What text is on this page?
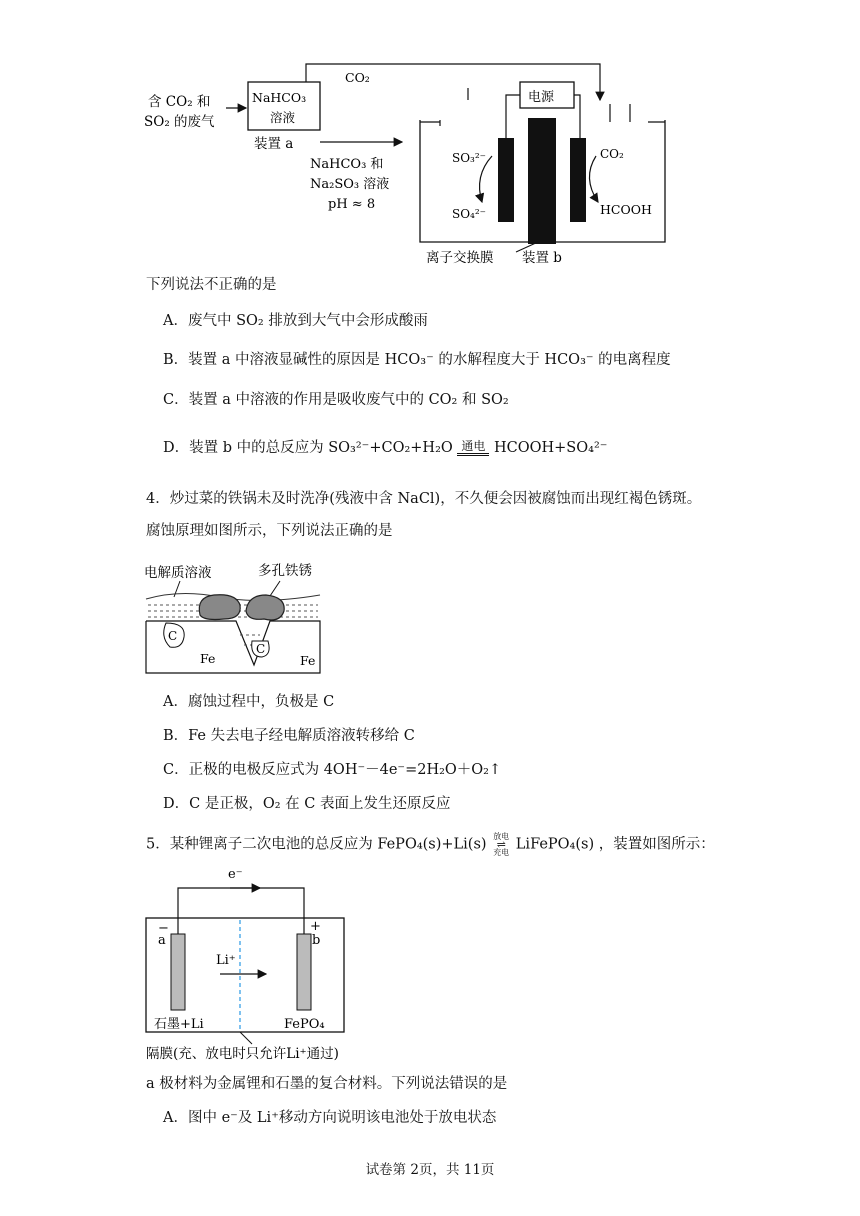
含 CO₂ 和
SO₂ 的废气
NaHCO₃
溶液
装置 a
CO₂
NaHCO₃ 和
Na₂SO₃ 溶液
pH ≈ 8
电源
SO₃²⁻
SO₄²⁻
CO₂
HCOOH
离子交换膜 装置 b
下列说法不正确的是
A．废气中 SO₂ 排放到大气中会形成酸雨
B．装置 a 中溶液显碱性的原因是 HCO₃⁻ 的水解程度大于 HCO₃⁻ 的电离程度
C．装置 a 中溶液的作用是吸收废气中的 CO₂ 和 SO₂
D．装置 b 中的总反应为 SO₃²⁻+CO₂+H₂O 通电 HCOOH+SO₄²⁻
4．炒过菜的铁锅未及时洗净(残液中含 NaCl)，不久便会因被腐蚀而出现红褐色锈斑。
腐蚀原理如图所示，下列说法正确的是
电解质溶液	多孔铁锈
C
C
Fe	Fe
A．腐蚀过程中，负极是 C
B．Fe 失去电子经电解质溶液转移给 C
C．正极的电极反应式为 4OH⁻－4e⁻=2H₂O＋O₂↑
D．C 是正极，O₂ 在 C 表面上发生还原反应
5．某种锂离子二次电池的总反应为 FePO₄(s)+Li(s) 放电
⇌
充电 LiFePO₄(s) ，装置如图所示：
e⁻
−
a
+
b
Li⁺
石墨+Li	FePO₄
隔膜(充、放电时只允许Li⁺通过)
a 极材料为金属锂和石墨的复合材料。下列说法错误的是
A．图中 e⁻及 Li⁺移动方向说明该电池处于放电状态
试卷第 2页，共 11页
